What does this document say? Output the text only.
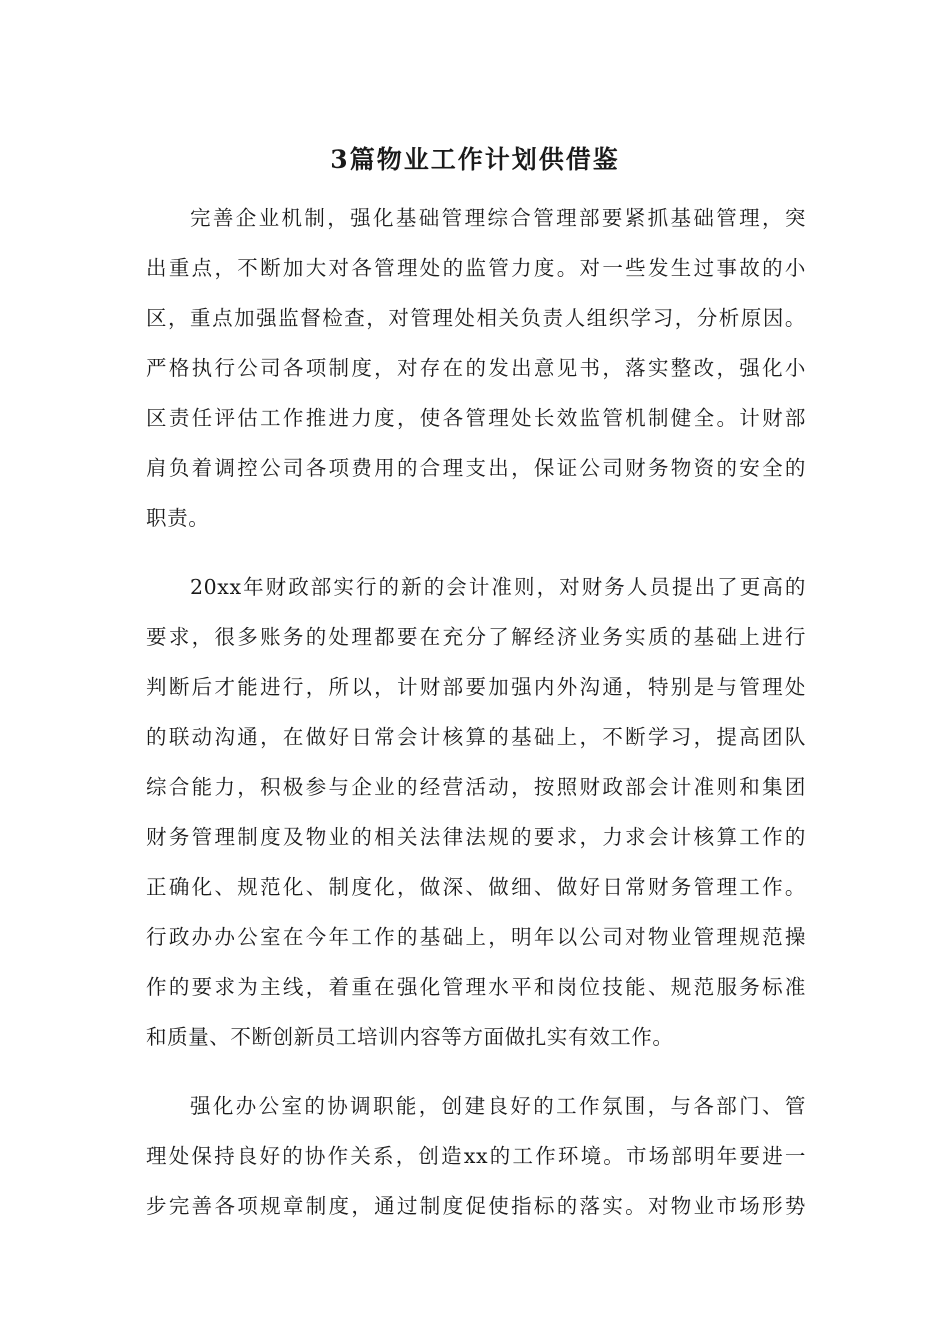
3篇物业工作计划供借鉴

完善企业机制，强化基础管理综合管理部要紧抓基础管理，突
出重点，不断加大对各管理处的监管力度。对一些发生过事故的小
区，重点加强监督检查，对管理处相关负责人组织学习，分析原因。
严格执行公司各项制度，对存在的发出意见书，落实整改，强化小
区责任评估工作推进力度，使各管理处长效监管机制健全。计财部
肩负着调控公司各项费用的合理支出，保证公司财务物资的安全的
职责。

20xx年财政部实行的新的会计准则，对财务人员提出了更高的
要求，很多账务的处理都要在充分了解经济业务实质的基础上进行
判断后才能进行，所以，计财部要加强内外沟通，特别是与管理处
的联动沟通，在做好日常会计核算的基础上，不断学习，提高团队
综合能力，积极参与企业的经营活动，按照财政部会计准则和集团
财务管理制度及物业的相关法律法规的要求，力求会计核算工作的
正确化、规范化、制度化，做深、做细、做好日常财务管理工作。
行政办办公室在今年工作的基础上，明年以公司对物业管理规范操
作的要求为主线，着重在强化管理水平和岗位技能、规范服务标准
和质量、不断创新员工培训内容等方面做扎实有效工作。

强化办公室的协调职能，创建良好的工作氛围，与各部门、管
理处保持良好的协作关系，创造xx的工作环境。市场部明年要进一
步完善各项规章制度，通过制度促使指标的落实。对物业市场形势
